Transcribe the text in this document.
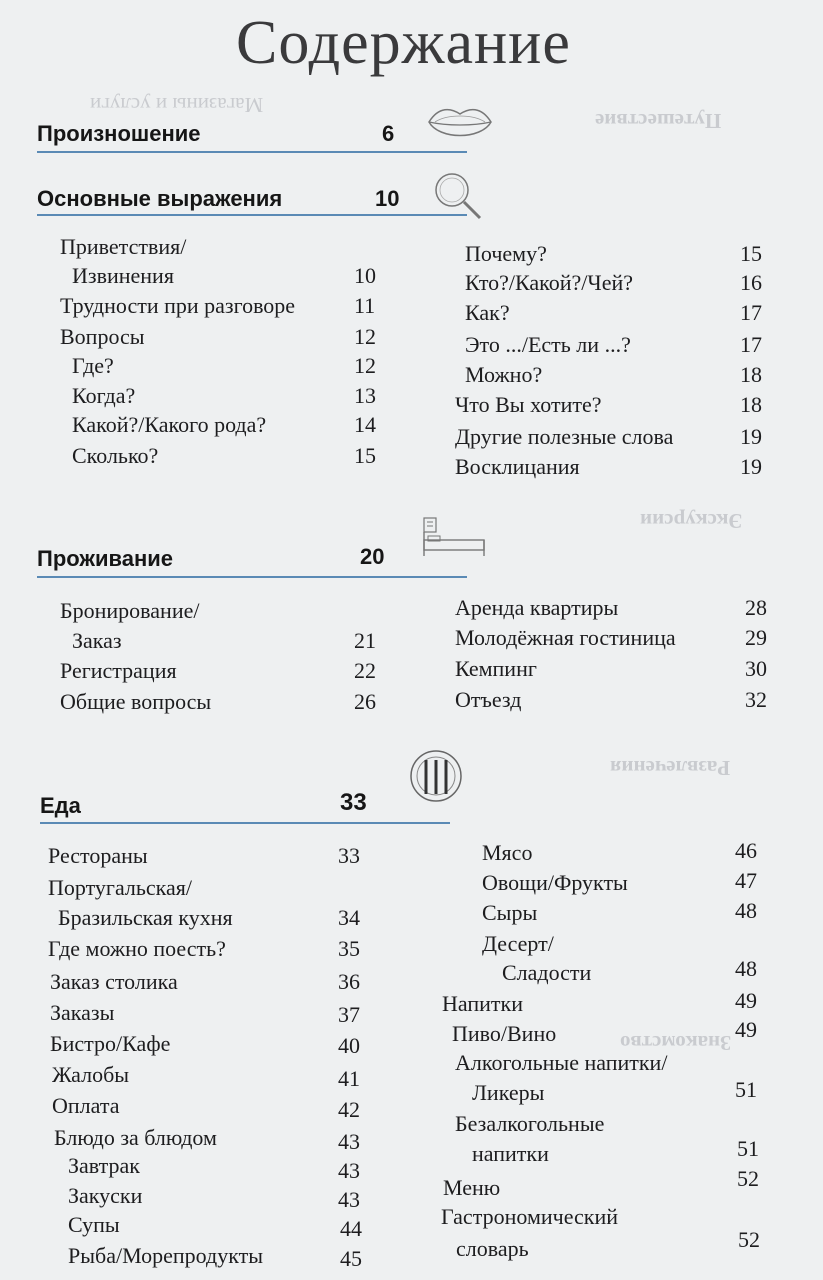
Магазины и услуги
Путешествие
Экскурсии
Развлечения
Знакомство
Содержание
Произношение	6
Основные выражения	10
Приветствия/
Извинения	10
Трудности при разговоре	11
Вопросы	12
Где?	12
Когда?	13
Какой?/Какого рода?	14
Сколько?	15
Почему?	15
Кто?/Какой?/Чей?	16
Как?	17
Это .../Есть ли ...?	17
Можно?	18
Что Вы хотите?	18
Другие полезные слова	19
Восклицания	19
Проживание	20
Бронирование/
Заказ	21
Регистрация	22
Общие вопросы	26
Аренда квартиры	28
Молодёжная гостиница	29
Кемпинг	30
Отъезд	32
Еда	33
Рестораны	33
Португальская/
Бразильская кухня	34
Где можно поесть?	35
Заказ столика	36
Заказы	37
Бистро/Кафе	40
Жалобы	41
Оплата	42
Блюдо за блюдом	43
Завтрак	43
Закуски	43
Супы	44
Рыба/Морепродукты	45
Мясо	46
Овощи/Фрукты	47
Сыры	48
Десерт/
Сладости	48
Напитки	49
Пиво/Вино	49
Алкогольные напитки/
Ликеры	51
Безалкогольные
напитки	51
Меню	52
Гастрономический
словарь	52
